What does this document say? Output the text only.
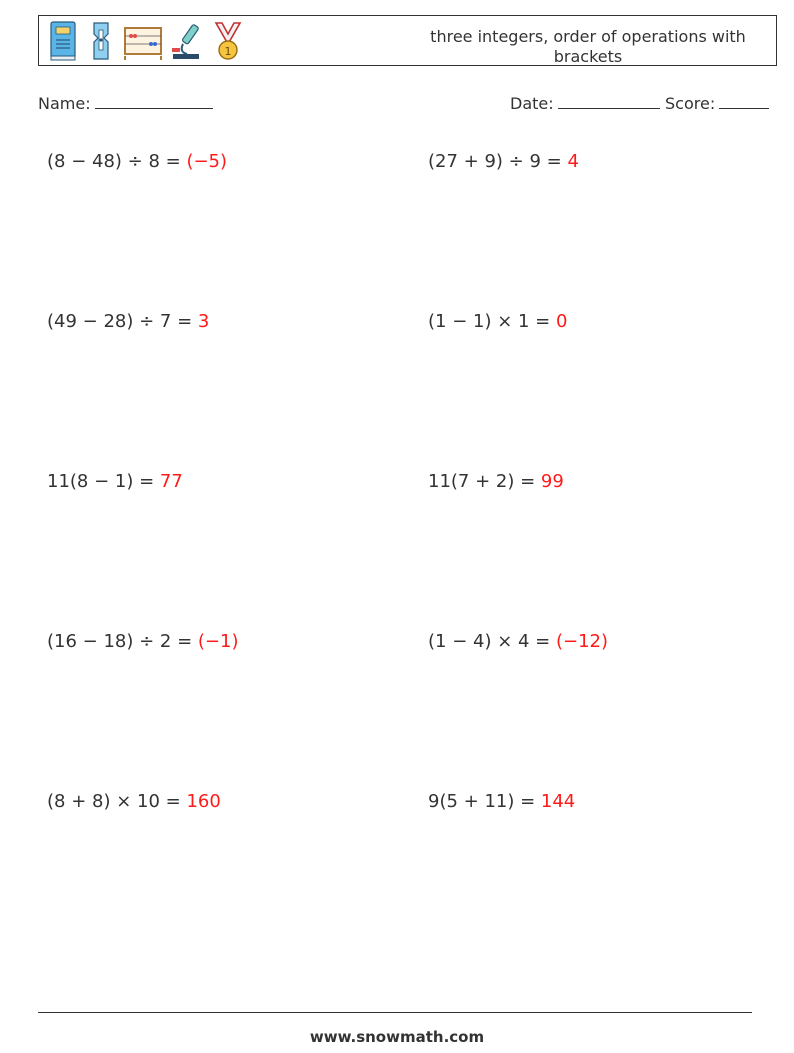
1
three integers, order of operations with brackets
Name:	Date:	Score:
(8 − 48) ÷ 8 = (−5)	(27 + 9) ÷ 9 = 4
(49 − 28) ÷ 7 = 3	(1 − 1) × 1 = 0
11(8 − 1) = 77	11(7 + 2) = 99
(16 − 18) ÷ 2 = (−1)	(1 − 4) × 4 = (−12)
(8 + 8) × 10 = 160	9(5 + 11) = 144
www.snowmath.com
